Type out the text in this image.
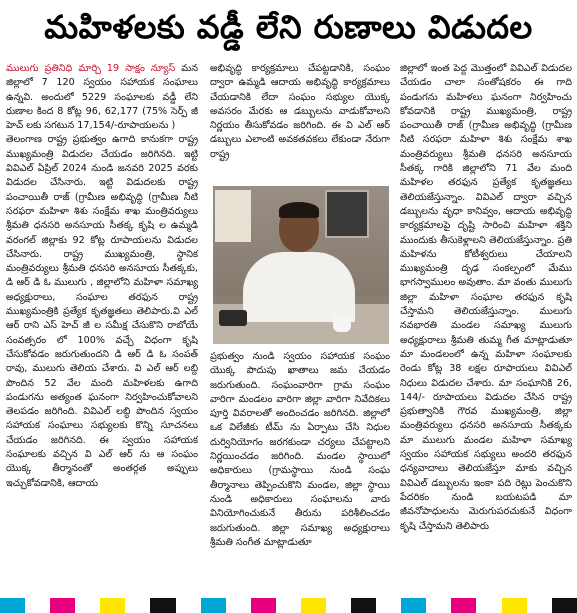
మహిళలకు వడ్డీ లేని రుణాలు విడుదల

ములుగు ప్రతినిధి మార్చి 19 సాక్షం న్యూస్ మన జిల్లాలో 7 120 స్వయం సహాయక సంఘాలు ఉన్నవి. అందులో 5229 సంఘాలకు వడ్డీ లేని రుణాల కింద 8 కోట్ల 96, 62,177 (75% సెర్ప్ జీ హెచ్ లకు సగటున 17,154/-రూపాయలను )

తెలంగాణ రాష్ట్ర ప్రభుత్వం ఉగాది కానుకగా రాష్ట్ర ముఖ్యమంత్రి విడుదల చేయడం జరిగినది. ఇట్టి వివిఎల్ ఏప్రిల్ 2024 నుండి జనవరి 2025 వరకు విడుదల చేసినారు. ఇట్టి విడుదలకు రాష్ట్ర పంచాయితీ రాజ్ (గ్రామీణ అభివృద్ధి (గ్రామీణ నీటి సరఫరా మహిళా శిశు సంక్షేమ శాఖ మంత్రివర్యులు శ్రీమతి ధనసరి అనసూయ సీతక్క కృషి ల ఉమ్మడి వరంగల్ జిల్లాకు 92 కోట్ల రూపాయలను విడుదల చేసినారు. రాష్ట్ర ముఖ్యమంత్రి, స్థానిక మంత్రివర్యులు శ్రీమతి ధనసరి అనసూయ సీతక్కకు, డి ఆర్ డి ఓ ములుగు , జిల్లాలోని మహిళా సమాఖ్య అధ్యక్షురాలు, సంఘాల తరఫున రాష్ట్ర ముఖ్యమంత్రికి ప్రత్యేక కృతజ్ఞతలు తెలిపారు.వి ఎల్ ఆర్ రాని ఎస్ హెచ్ జీ ల సమీక్ష చేసుకొని రాబోయే సంవత్సరం లో 100% వచ్చే విధంగా కృషి చేసుకోవడం జరుగుతుందని డి ఆర్ డి ఓ సంపత్ రావు, ములుగు తెలియ చేశారు. వి ఎల్ ఆర్ లబ్ది పొందిన 52 వేల మంది మహిళలకు ఉగాది పండుగను అత్యంత ఘనంగా నిర్వహించుకోవాలని తెలపడం జరిగింది. వివిఎల్ లబ్ధి పొందిన స్వయం సహాయక సంఘాలు సభ్యులకు కొన్ని సూచనలు చేయడం జరిగినది. ఈ స్వయం సహాయక సంఘాలకు వచ్చిన వి ఎల్ ఆర్ ను ఆ సంఘం యొక్క తీర్మానంతో అంతర్గత అప్పులు ఇచ్చుకోవడానికి, ఆదాయ

అభివృద్ధి కార్యక్రమాలు చేపట్టడానికి, సంఘం ద్వారా ఉమ్మడి ఆదాయ అభివృద్ధి కార్యక్రమాలు చేయడానికి లేదా సంఘం సభ్యుల యొక్క అవసరం మేరకు ఆ డబ్బులను వాడుకోవాలని నిర్ణయం తీసుకోవడం జరిగింది. ఈ వి ఎల్ ఆర్ డబ్బులు ఎలాంటి అవకతవకలు లేకుండా నేరుగా రాష్ట్ర

ప్రభుత్వం నుండి స్వయం సహాయక సంఘం యొక్క పొదుపు ఖాతాలు జమ చేయడం జరుగుతుంది. సంఘంవారిగా గ్రామ సంఘం వారిగా మండలం వారిగా జిల్లా వారిగా నివేదికలు పూర్తి వివరాలతో అందించడం జరిగినది. జిల్లాలో ఒక విలేజీకు టీమ్ ను ఏర్పాటు చేసి నిధుల దుర్వినియోగం జరగకుండా చర్యలు చేపట్టాలని నిర్ణయించడం జరిగింది. మండల స్థాయిలో అధికారులు (గ్రామస్థాయి నుండి సంఘ తీర్మానాలు తెప్పించుకొని మండల, జిల్లా స్థాయి నుండి అధికారులు సంఘాలను వారు వినియోగించుకునే తీరును పరిశీలించడం జరుగుతుంది. జిల్లా సమాఖ్య అధ్యక్షురాలు శ్రీమతి సంగీత మాట్లాడుతూ

జిల్లాలో ఇంత పెద్ద మొత్తంలో వివిఎల్ విడుదల చేయడం చాలా సంతోషకరం ఈ గాది పండుగను మహిళలు ఘనంగా నిర్వహించు కోవడానికి రాష్ట్ర ముఖ్యమంత్రి, రాష్ట్ర పంచాయితీ రాజ్ (గ్రామీణ అభివృద్ధి (గ్రామీణ నీటి సరఫరా మహిళా శిశు సంక్షేమ శాఖ మంత్రివర్యులు శ్రీమతి ధనసరి అనసూయ సీతక్క గారికి జిల్లాలోని 71 వేల మంది మహిళల తరఫున ప్రత్యేక కృతజ్ఞతలు తెలియజేస్తున్నాం. వివిఎల్ ద్వారా వచ్చిన డబ్బులను వృధా కానివ్వం, ఆదాయ అభివృద్ధి కార్యక్రమాలపై దృష్టి సారించి మహిళా శక్తిని ముందుకు తీసుకెళ్లాలని తెలియజేస్తున్నాం. ప్రతి మహిళను కోటీశ్వరులు చేయాలని ముఖ్యమంత్రి దృఢ సంకల్పంలో మేము భాగస్వాములం అవుతాం. మా వంతు ములుగు జిల్లా మహిళా సంఘాల తరఫున కృషి చేస్తామని తెలియజేస్తున్నాం. ములుగు నవభారతి మండల సమాఖ్య ములుగు అధ్యక్షురాలు శ్రీమతి తుమ్మ గీత మాట్లాడుతూ మా మండలంలో ఉన్న మహిళా సంఘాలకు రెండు కోట్ల 38 లక్షల రూపాయలు వివిఎల్ నిధులు విడుదల చేశారు. మా సంఘానికి 26, 144/- రూపాయలు విడుదల చేసిన రాష్ట్ర ప్రభుత్వానికి గౌరవ ముఖ్యమంత్రి, జిల్లా మంత్రివర్యులు ధనసరి అనసూయ సీతక్కకు మా ములుగు మండల మహిళా సమాఖ్య స్వయం సహాయక సభ్యులు అందరి తరఫున ధన్యవాదాలు తెలియజేస్తూ మాకు వచ్చిన వివిఎల్ డబ్బులను ఇంకా పది రెట్లు పెంచుకొని పేదరికం నుండి బయటపడి మా జీవనోపాధులను మెరుగుపరచుకునే విధంగా కృషి చేస్తామని తెలిపారు
